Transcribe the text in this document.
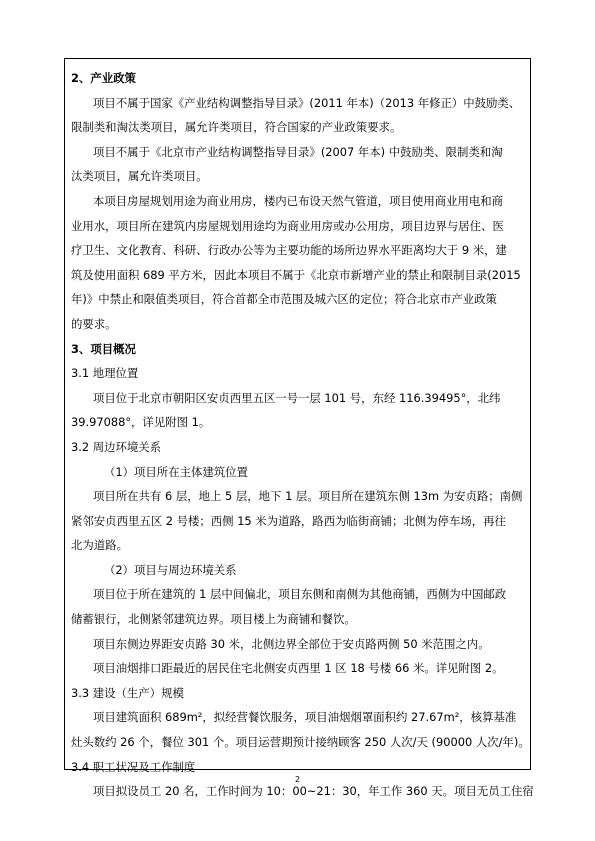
2、产业政策

项目不属于国家《产业结构调整指导目录》(2011 年本)（2013 年修正）中鼓励类、

限制类和淘汰类项目，属允许类项目，符合国家的产业政策要求。

项目不属于《北京市产业结构调整指导目录》(2007 年本) 中鼓励类、限制类和淘

汰类项目，属允许类项目。

本项目房屋规划用途为商业用房，楼内已布设天然气管道，项目使用商业用电和商

业用水，项目所在建筑内房屋规划用途均为商业用房或办公用房，项目边界与居住、医

疗卫生、文化教育、科研、行政办公等为主要功能的场所边界水平距离均大于 9 米，建

筑及使用面积 689 平方米，因此本项目不属于《北京市新增产业的禁止和限制目录(2015

年)》中禁止和限值类项目，符合首都全市范围及城六区的定位；符合北京市产业政策

的要求。

3、项目概况

3.1 地理位置

项目位于北京市朝阳区安贞西里五区一号一层 101 号，东经 116.39495°，北纬

39.97088°，详见附图 1。

3.2 周边环境关系

（1）项目所在主体建筑位置

项目所在共有 6 层，地上 5 层，地下 1 层。项目所在建筑东侧 13m 为安贞路；南侧

紧邻安贞西里五区 2 号楼；西侧 15 米为道路，路西为临街商铺；北侧为停车场，再往

北为道路。

（2）项目与周边环境关系

项目位于所在建筑的 1 层中间偏北，项目东侧和南侧为其他商铺，西侧为中国邮政

储蓄银行，北侧紧邻建筑边界。项目楼上为商铺和餐饮。

项目东侧边界距安贞路 30 米，北侧边界全部位于安贞路两侧 50 米范围之内。

项目油烟排口距最近的居民住宅北侧安贞西里 1 区 18 号楼 66 米。详见附图 2。

3.3 建设（生产）规模

项目建筑面积 689m²，拟经营餐饮服务，项目油烟烟罩面积约 27.67m²，核算基准

灶头数约 26 个，餐位 301 个。项目运营期预计接纳顾客 250 人次/天 (90000 人次/年)。

3.4 职工状况及工作制度

项目拟设员工 20 名，工作时间为 10：00~21：30，年工作 360 天。项目无员工住宿

2
